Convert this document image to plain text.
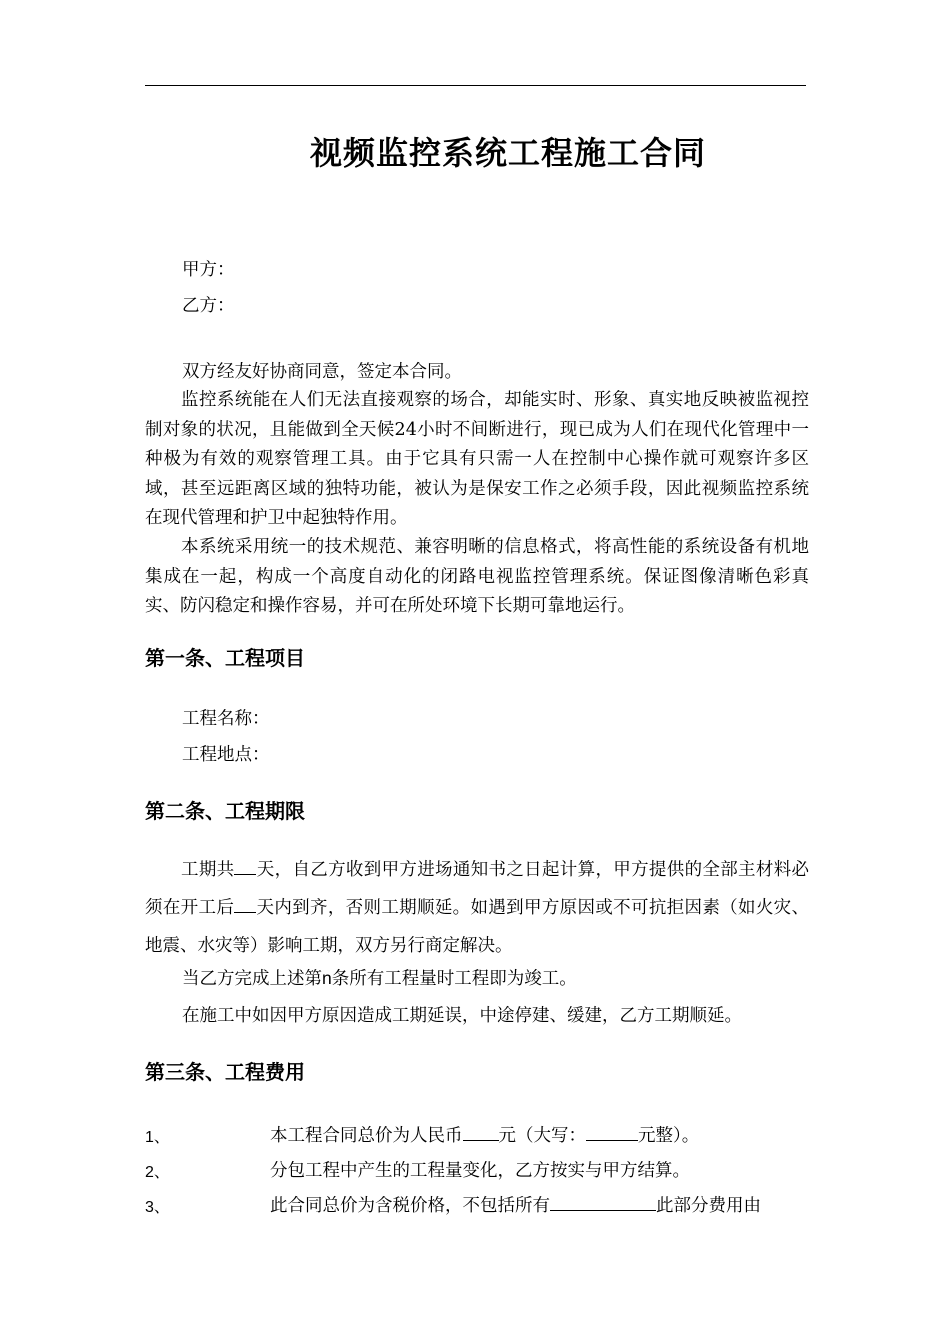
视频监控系统工程施工合同
甲方：
乙方：
双方经友好协商同意，签定本合同。
监控系统能在人们无法直接观察的场合，却能实时、形象、真实地反映被监视控制对象的状况，且能做到全天候24小时不间断进行，现已成为人们在现代化管理中一种极为有效的观察管理工具。由于它具有只需一人在控制中心操作就可观察许多区域，甚至远距离区域的独特功能，被认为是保安工作之必须手段，因此视频监控系统在现代管理和护卫中起独特作用。
本系统采用统一的技术规范、兼容明晰的信息格式，将高性能的系统设备有机地集成在一起，构成一个高度自动化的闭路电视监控管理系统。保证图像清晰色彩真实、防闪稳定和操作容易，并可在所处环境下长期可靠地运行。
第一条、工程项目
工程名称：
工程地点：
第二条、工程期限
工期共 天，自乙方收到甲方进场通知书之日起计算，甲方提供的全部主材料必须在开工后 天内到齐，否则工期顺延。如遇到甲方原因或不可抗拒因素（如火灾、地震、水灾等）影响工期，双方另行商定解决。
当乙方完成上述第n条所有工程量时工程即为竣工。
在施工中如因甲方原因造成工期延误，中途停建、缓建，乙方工期顺延。
第三条、工程费用
1、	本工程合同总价为人民币 元（大写：	元整）。
2、	分包工程中产生的工程量变化，乙方按实与甲方结算。
3、	此合同总价为含税价格，不包括所有	此部分费用由
